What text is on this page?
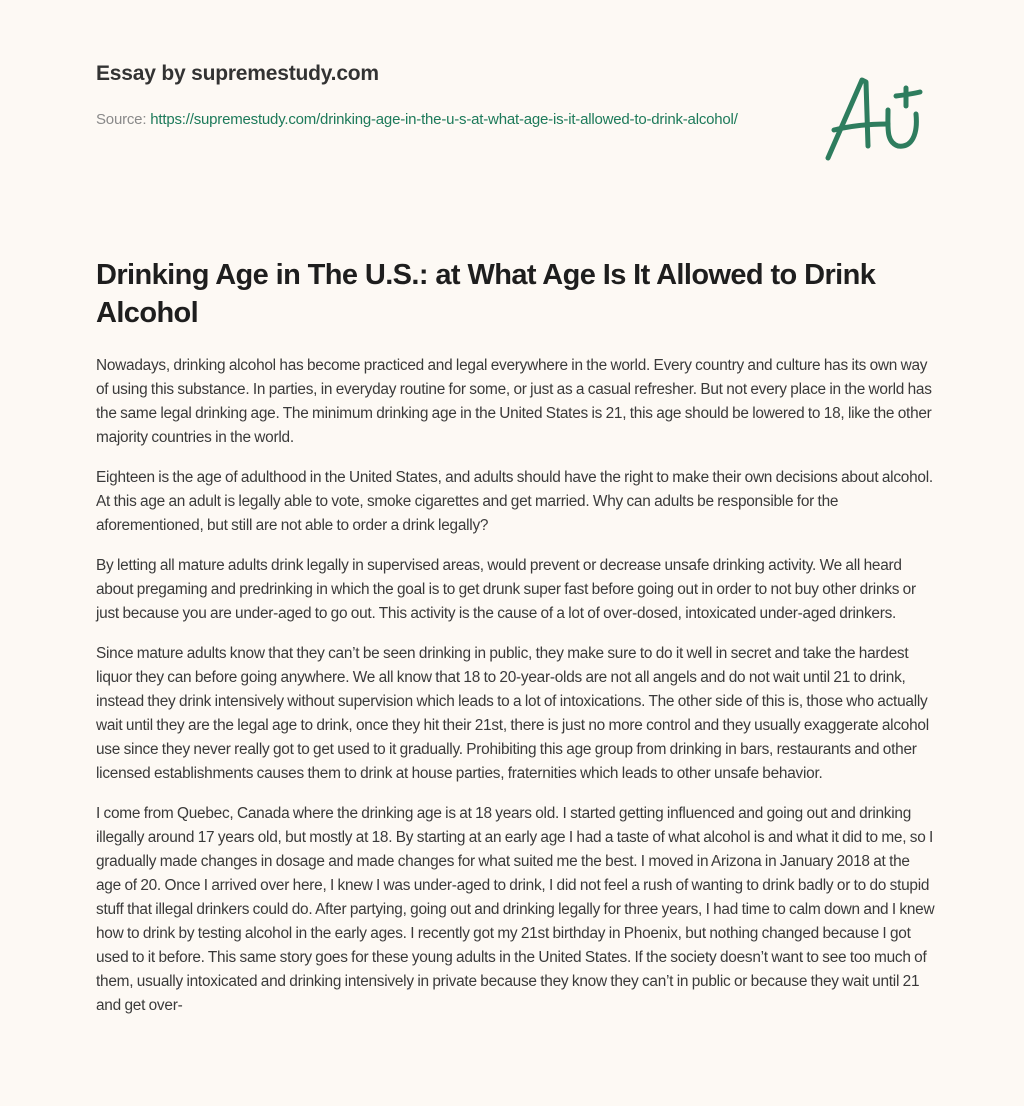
Essay by supremestudy.com
Source: https://supremestudy.com/drinking-age-in-the-u-s-at-what-age-is-it-allowed-to-drink-alcohol/
Drinking Age in The U.S.: at What Age Is It Allowed to Drink Alcohol

Nowadays, drinking alcohol has become practiced and legal everywhere in the world. Every country and culture has its own way of using this substance. In parties, in everyday routine for some, or just as a casual refresher. But not every place in the world has the same legal drinking age. The minimum drinking age in the United States is 21, this age should be lowered to 18, like the other majority countries in the world.

Eighteen is the age of adulthood in the United States, and adults should have the right to make their own decisions about alcohol. At this age an adult is legally able to vote, smoke cigarettes and get married. Why can adults be responsible for the aforementioned, but still are not able to order a drink legally?

By letting all mature adults drink legally in supervised areas, would prevent or decrease unsafe drinking activity. We all heard about pregaming and predrinking in which the goal is to get drunk super fast before going out in order to not buy other drinks or just because you are under-aged to go out. This activity is the cause of a lot of over-dosed, intoxicated under-aged drinkers.

Since mature adults know that they can’t be seen drinking in public, they make sure to do it well in secret and take the hardest liquor they can before going anywhere. We all know that 18 to 20-year-olds are not all angels and do not wait until 21 to drink, instead they drink intensively without supervision which leads to a lot of intoxications. The other side of this is, those who actually wait until they are the legal age to drink, once they hit their 21st, there is just no more control and they usually exaggerate alcohol use since they never really got to get used to it gradually. Prohibiting this age group from drinking in bars, restaurants and other licensed establishments causes them to drink at house parties, fraternities which leads to other unsafe behavior.

I come from Quebec, Canada where the drinking age is at 18 years old. I started getting influenced and going out and drinking illegally around 17 years old, but mostly at 18. By starting at an early age I had a taste of what alcohol is and what it did to me, so I gradually made changes in dosage and made changes for what suited me the best. I moved in Arizona in January 2018 at the age of 20. Once I arrived over here, I knew I was under-aged to drink, I did not feel a rush of wanting to drink badly or to do stupid stuff that illegal drinkers could do. After partying, going out and drinking legally for three years, I had time to calm down and I knew how to drink by testing alcohol in the early ages. I recently got my 21st birthday in Phoenix, but nothing changed because I got used to it before. This same story goes for these young adults in the United States. If the society doesn’t want to see too much of them, usually intoxicated and drinking intensively in private because they know they can’t in public or because they wait until 21 and get over-
